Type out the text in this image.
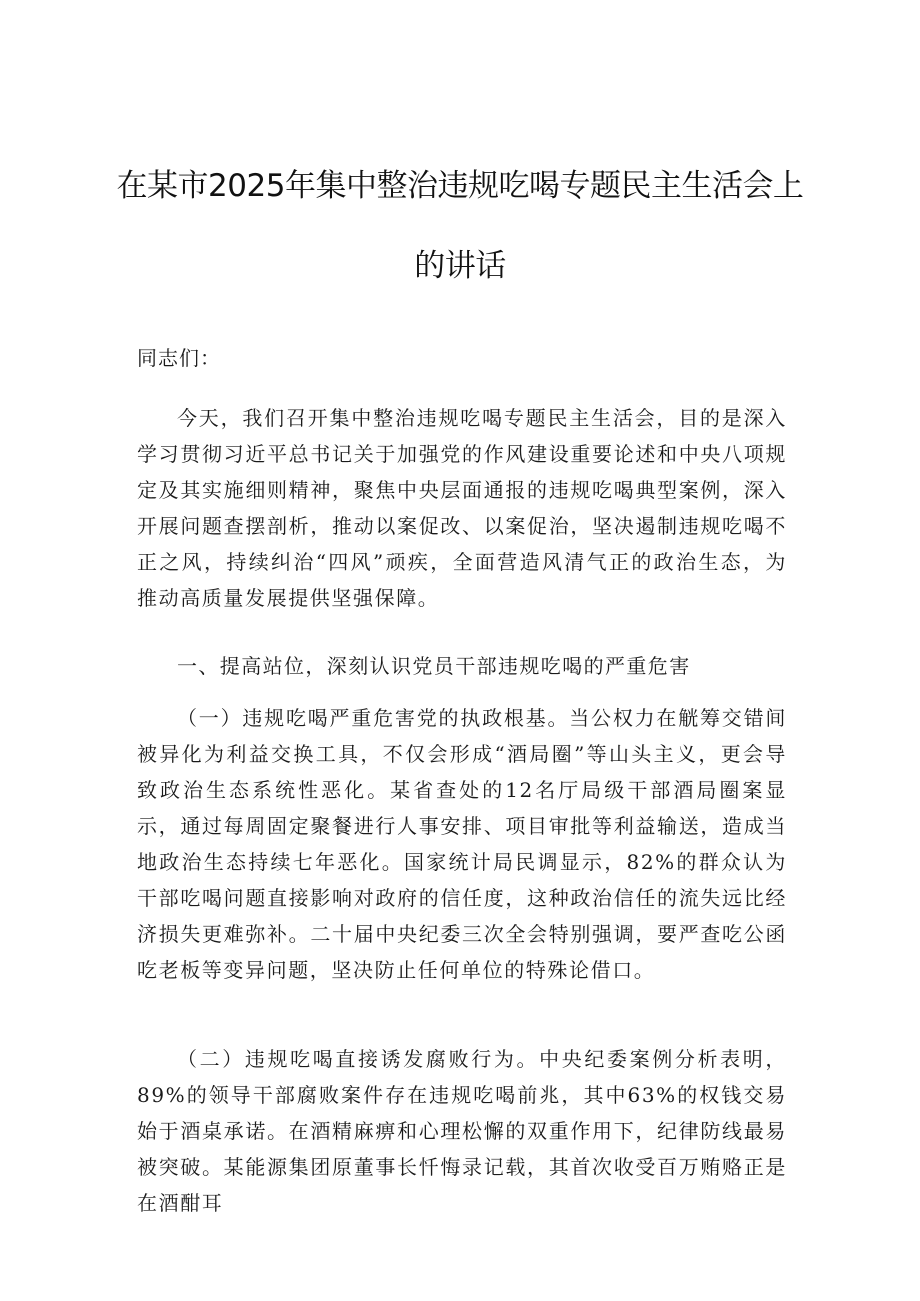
在某市2025年集中整治违规吃喝专题民主生活会上
的讲话
同志们：

今天，我们召开集中整治违规吃喝专题民主生活会，目的是深入学习贯彻习近平总书记关于加强党的作风建设重要论述和中央八项规定及其实施细则精神，聚焦中央层面通报的违规吃喝典型案例，深入开展问题查摆剖析，推动以案促改、以案促治，坚决遏制违规吃喝不正之风，持续纠治“四风”顽疾，全面营造风清气正的政治生态，为推动高质量发展提供坚强保障。

一、提高站位，深刻认识党员干部违规吃喝的严重危害

（一）违规吃喝严重危害党的执政根基。当公权力在觥筹交错间被异化为利益交换工具，不仅会形成“酒局圈”等山头主义，更会导致政治生态系统性恶化。某省查处的12名厅局级干部酒局圈案显示，通过每周固定聚餐进行人事安排、项目审批等利益输送，造成当地政治生态持续七年恶化。国家统计局民调显示，82%的群众认为干部吃喝问题直接影响对政府的信任度，这种政治信任的流失远比经济损失更难弥补。二十届中央纪委三次全会特别强调，要严查吃公函吃老板等变异问题，坚决防止任何单位的特殊论借口。

（二）违规吃喝直接诱发腐败行为。中央纪委案例分析表明，89%的领导干部腐败案件存在违规吃喝前兆，其中63%的权钱交易始于酒桌承诺。在酒精麻痹和心理松懈的双重作用下，纪律防线最易被突破。某能源集团原董事长忏悔录记载，其首次收受百万贿赂正是在酒酣耳
